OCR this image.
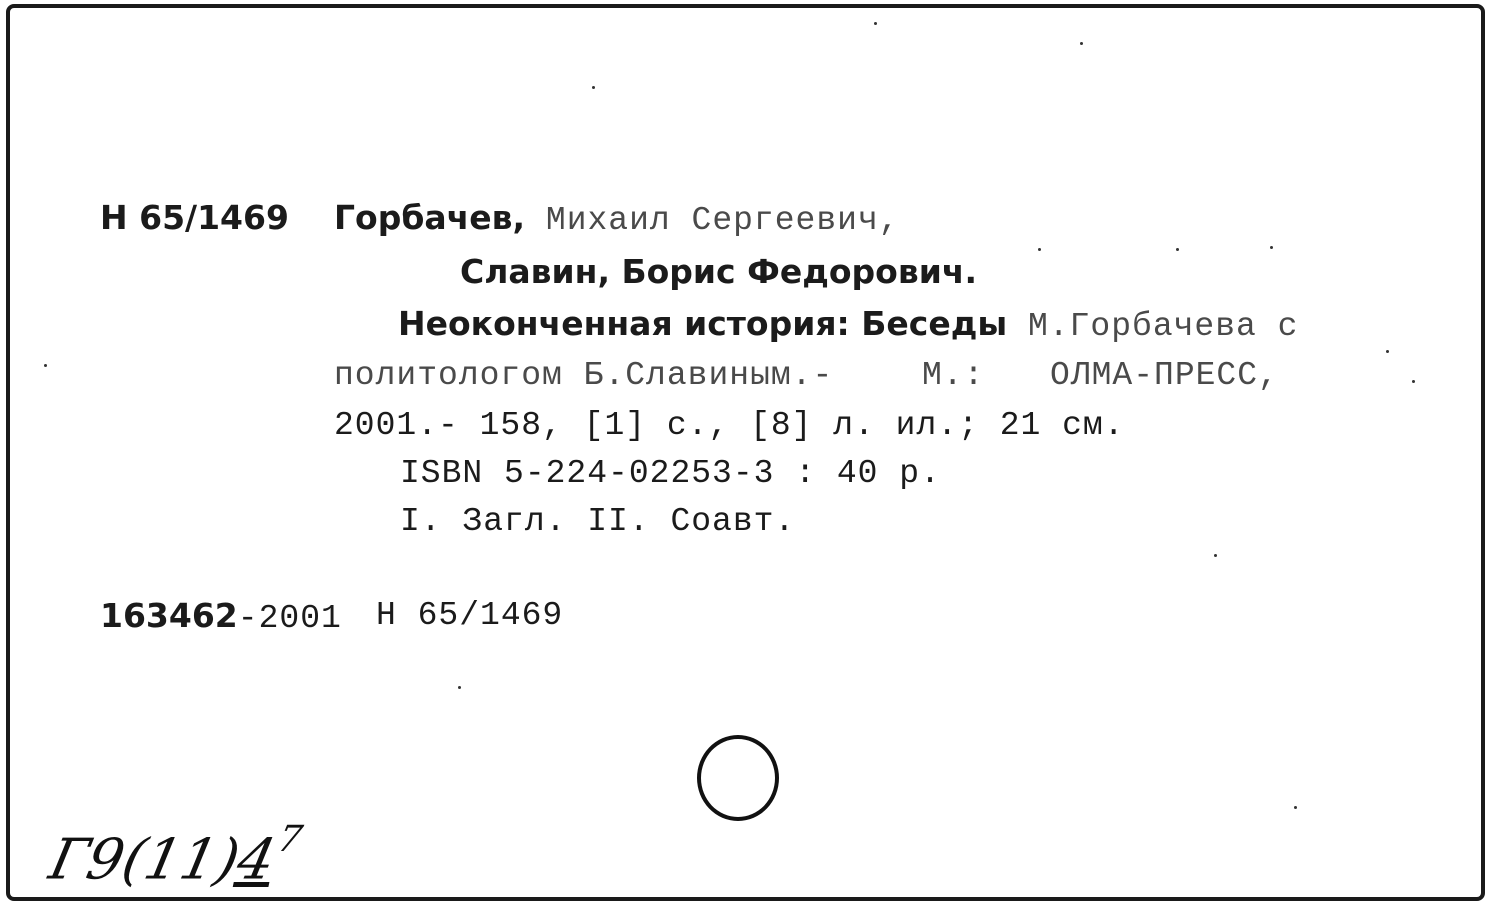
Н 65/1469 Горбачев, Михаил Сергеевич,
Славин, Борис Федорович.
Неоконченная история: Беседы М.Горбачева с
политологом Б.Славиным.-	М.: ОЛМА-ПРЕСС,
2001.- 158, [1] с., [8] л. ил.; 21 см.
ISBN 5-224-02253-3 : 40 р.
I. Загл. II. Соавт.
163462-2001 Н 65/1469
$Г9(11)4^7$
